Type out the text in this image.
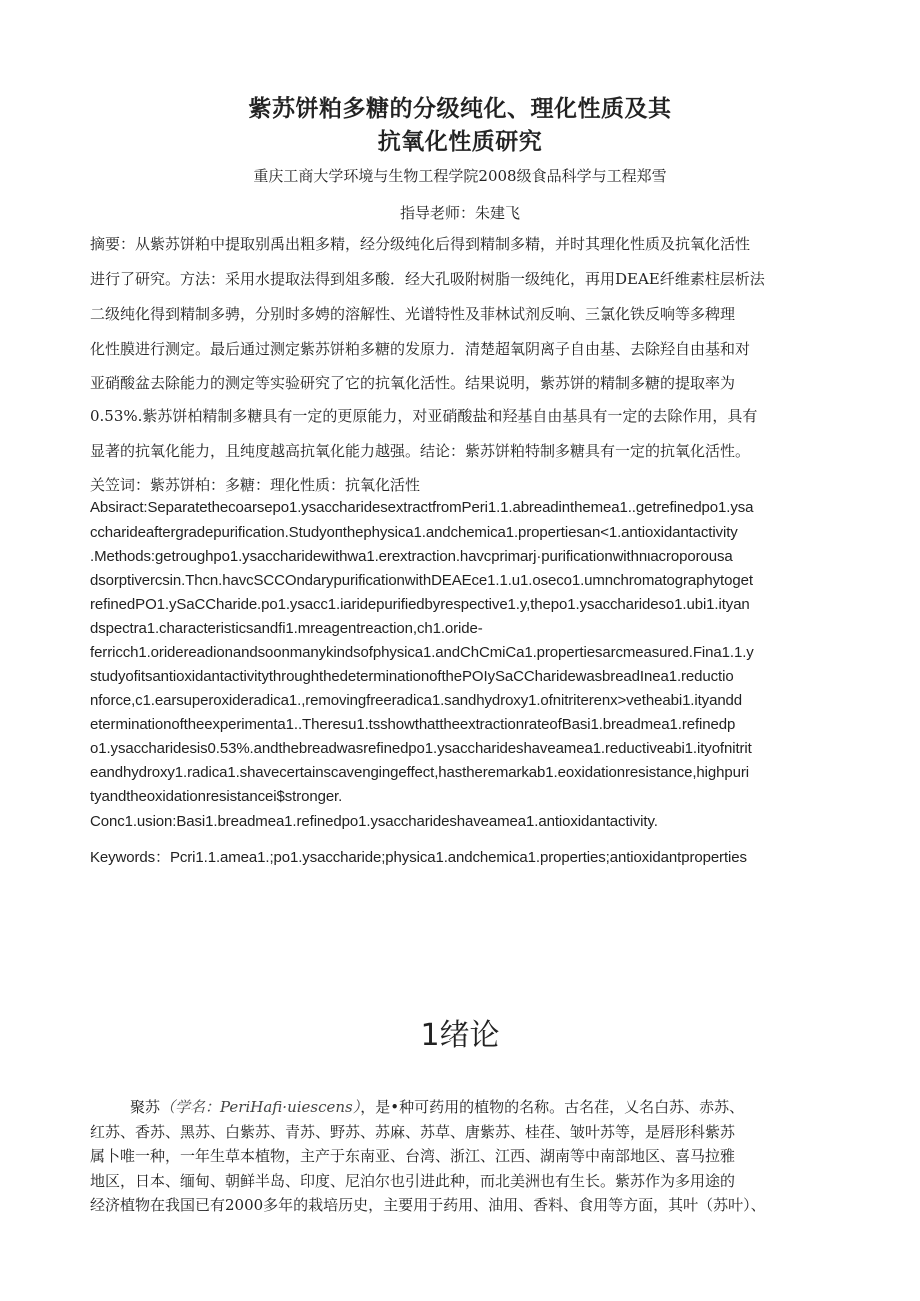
紫苏饼粕多糖的分级纯化、理化性质及其
抗氧化性质研究
重庆工商大学环境与生物工程学院2008级食品科学与工程郑雪
指导老师：朱建飞
摘要：从紫苏饼粕中提取别禹出粗多精，经分级纯化后得到精制多精，并时其理化性质及抗氧化活性
进行了研究。方法：采用水提取法得到俎多酸．经大孔吸附树脂一级纯化，再用DEAE纤维素柱层析法
二级纯化得到精制多骋，分别时多娉的溶解性、光谱特性及菲林试剂反响、三氯化铁反响等多稗理
化性膜进行测定。最后通过测定紫苏饼粕多糖的发原力．清楚超氧阴离子自由基、去除羟自由基和对
亚硝酸盆去除能力的测定等实验研究了它的抗氧化活性。结果说明，紫苏饼的精制多糖的提取率为
0.53%.紫苏饼柏精制多糖具有一定的更原能力，对亚硝酸盐和羟基自由基具有一定的去除作用，具有
显著的抗氧化能力，且纯度越高抗氧化能力越强。结论：紫苏饼粕特制多糖具有一定的抗氧化活性。
关笠词：紫苏饼柏：多糖：理化性质：抗氧化活性
Absiract:Separatethecoarsepo1.ysaccharidesextractfromPeri1.1.abreadinthemea1..getrefinedpo1.ysa
ccharideaftergradepurification.Studyoпthephysica1.andchemica1.propertiesan<1.antioxidantactivity
.Methods:getroughpo1.ysaccharidewithwa1.erextraction.havcprimarj·purificationwithnιacroporousa
dsorptivercsin.Thcn.havcSCCOndarypurificationwithDEAEce1.1.u1.oseco1.umnchromatographytoget
refinedPO1.ySaCCharide.po1.ysacc1.іaridepurifiedbyrespective1.y,thepo1.ysaccharideso1.ubi1.ityan
dspectra1.characteristicsandfi1.mreagentreaction,ch1.oride-
ferricch1.oridereadionandsoonmanykindsofphysica1.andChCmiCa1.propertiesarcmeasured.Fina1.1.y
studyofitsantioxidantactivitythroughthedeterminationofthePOIySaCCharidewasbreadInea1.reductio
nforce,c1.earsuperoxideradica1.,removingfreeradica1.sandhydroxy1.ofnitriterenx>vetheabi1.ityandd
eterminationoftheexperimenta1..Theresu1.tsshowthattheextractionrateofBasi1.breadmea1.refinedp
o1.ysaccharidesis0.53%.andthebreadwasrefinedpo1.ysaccharideshaveamea1.reductiveabi1.ityofnitrit
eandhydroxy1.radica1.shavecertainscavengingeffect,hastheremarkab1.eoxidationresistance,highpuri
tyandtheoxidationresistancei$stronger.
Conc1.usion:Basi1.breadmea1.refinedpo1.ysaccharideshaveamea1.antioxidantactivity.
Keywords：Pcri1.1.amea1.;po1.ysaccharide;physica1.andchemica1.properties;antioxidantproperties
1绪论
聚苏（学名：PeriHafi·uiescens），是•种可药用的植物的名称。古名荏，乂名白苏、赤苏、
红苏、香苏、黑苏、白紫苏、青苏、野苏、苏麻、苏草、唐紫苏、桂荏、皱叶苏等，是唇形科紫苏
属卜唯一种，一年生草本植物，主产于东南亚、台湾、浙江、江西、湖南等中南部地区、喜马拉雅
地区，日本、缅甸、朝鲜半岛、印度、尼泊尔也引进此种，而北美洲也有生长。紫苏作为多用途的
经济植物在我国已有2000多年的栽培历史，主要用于药用、油用、香料、食用等方面，其叶（苏叶）、
